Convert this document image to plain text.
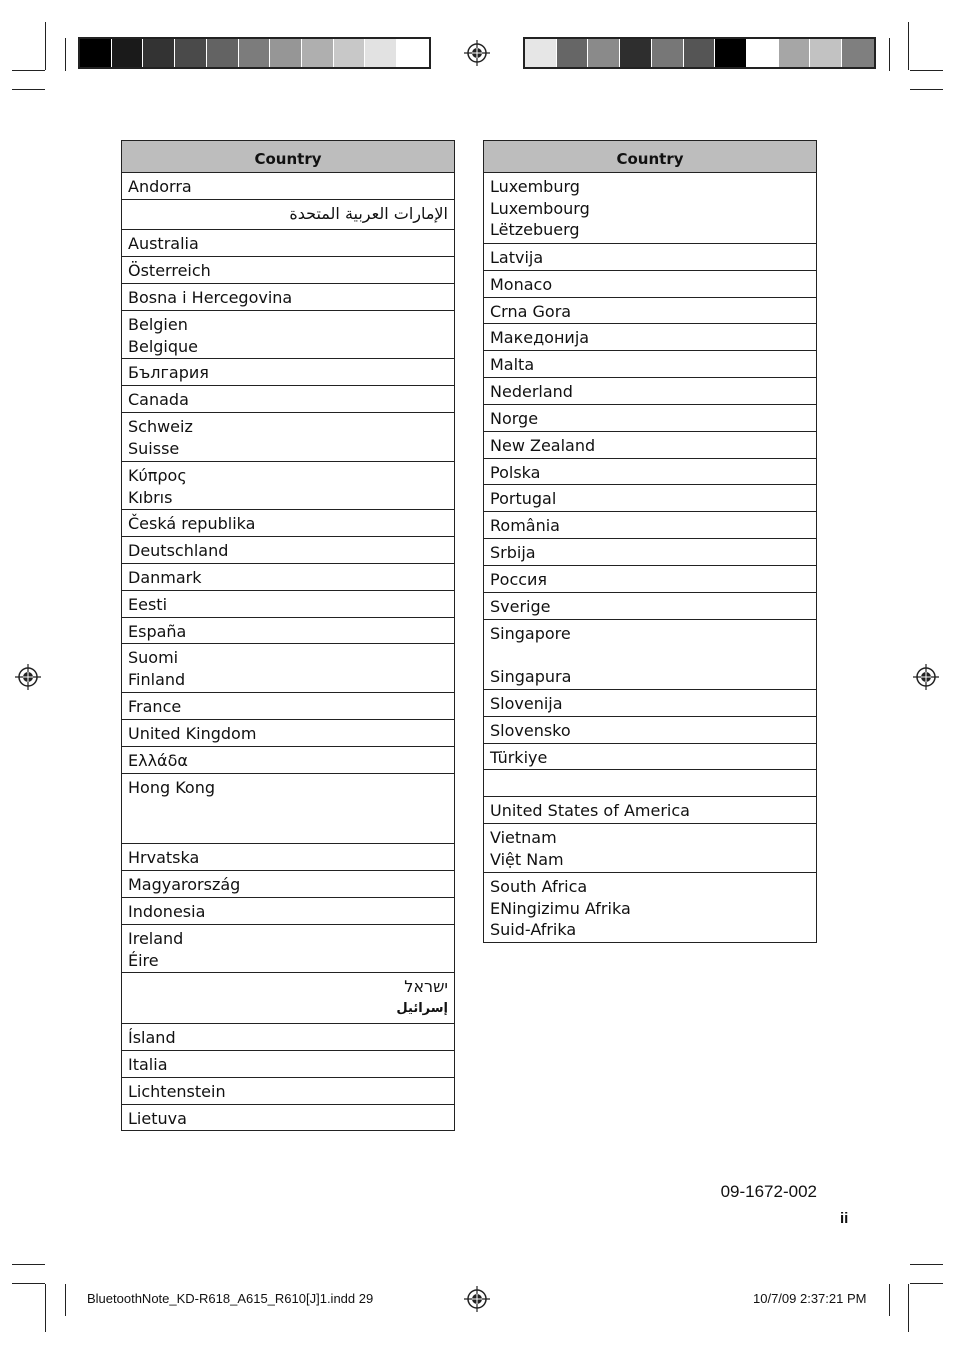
Country
Andorra
الإمارات العربية المتحدة
Australia
Österreich
Bosna i Hercegovina
Belgien
Belgique
България
Canada
Schweiz
Suisse
Κύπρος
Kıbrıs
Česká republika
Deutschland
Danmark
Eesti
España
Suomi
Finland
France
United Kingdom
Ελλάδα
Hong Kong

Hrvatska
Magyarország
Indonesia
Ireland
Éire
ישראל
إسرائيل
Ísland
Italia
Lichtenstein
Lietuva
Country
Luxemburg
Luxembourg
Lëtzebuerg
Latvija
Monaco
Crna Gora
Македонија
Malta
Nederland
Norge
New Zealand
Polska
Portugal
România
Srbija
Россия
Sverige
Singapore

Singapura
Slovenija
Slovensko
Türkiye

United States of America
Vietnam
Việt Nam
South Africa
ENingizimu Afrika
Suid-Afrika
09-1672-002
ii
BluetoothNote_KD-R618_A615_R610[J]1.indd 29	10/7/09 2:37:21 PM
